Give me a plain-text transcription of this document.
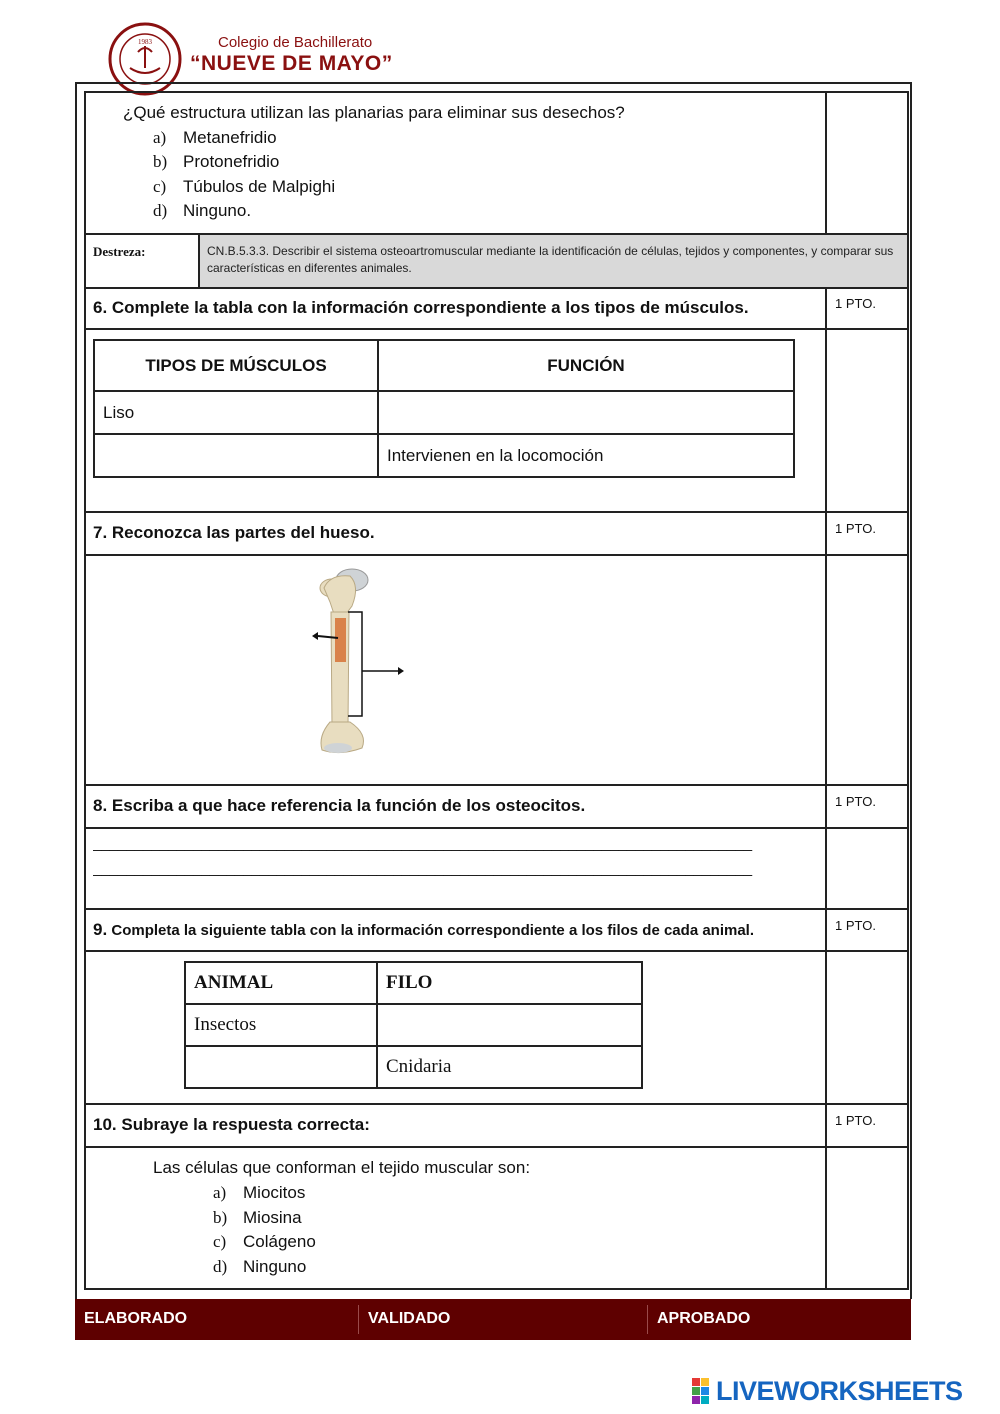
1983	Colegio de Bachillerato
“NUEVE DE MAYO”
¿Qué estructura utilizan las planarias para eliminar sus desechos?
a) Metanefridio
b) Protonefridio
c) Túbulos de Malpighi
d) Ninguno.
Destreza:	CN.B.5.3.3. Describir el sistema osteoartromuscular mediante la identificación de células, tejidos y componentes, y comparar sus características en diferentes animales.
6. Complete la tabla con la información correspondiente a los tipos de músculos.	1 PTO.
TIPOS DE MÚSCULOS	FUNCIÓN
Liso	
	Intervienen en la locomoción
7. Reconozca las partes del hueso.	1 PTO.
8. Escriba a que hace referencia la función de los osteocitos.	1 PTO.
_______________________________________________________________________________
_______________________________________________________________________________
9. Completa la siguiente tabla con la información correspondiente a los filos de cada animal.	1 PTO.
ANIMAL	FILO
Insectos	
	Cnidaria
10. Subraye la respuesta correcta:	1 PTO.
Las células que conforman el tejido muscular son:
a) Miocitos
b) Miosina
c) Colágeno
d) Ninguno
ELABORADO	VALIDADO	APROBADO
LIVEWORKSHEETS
